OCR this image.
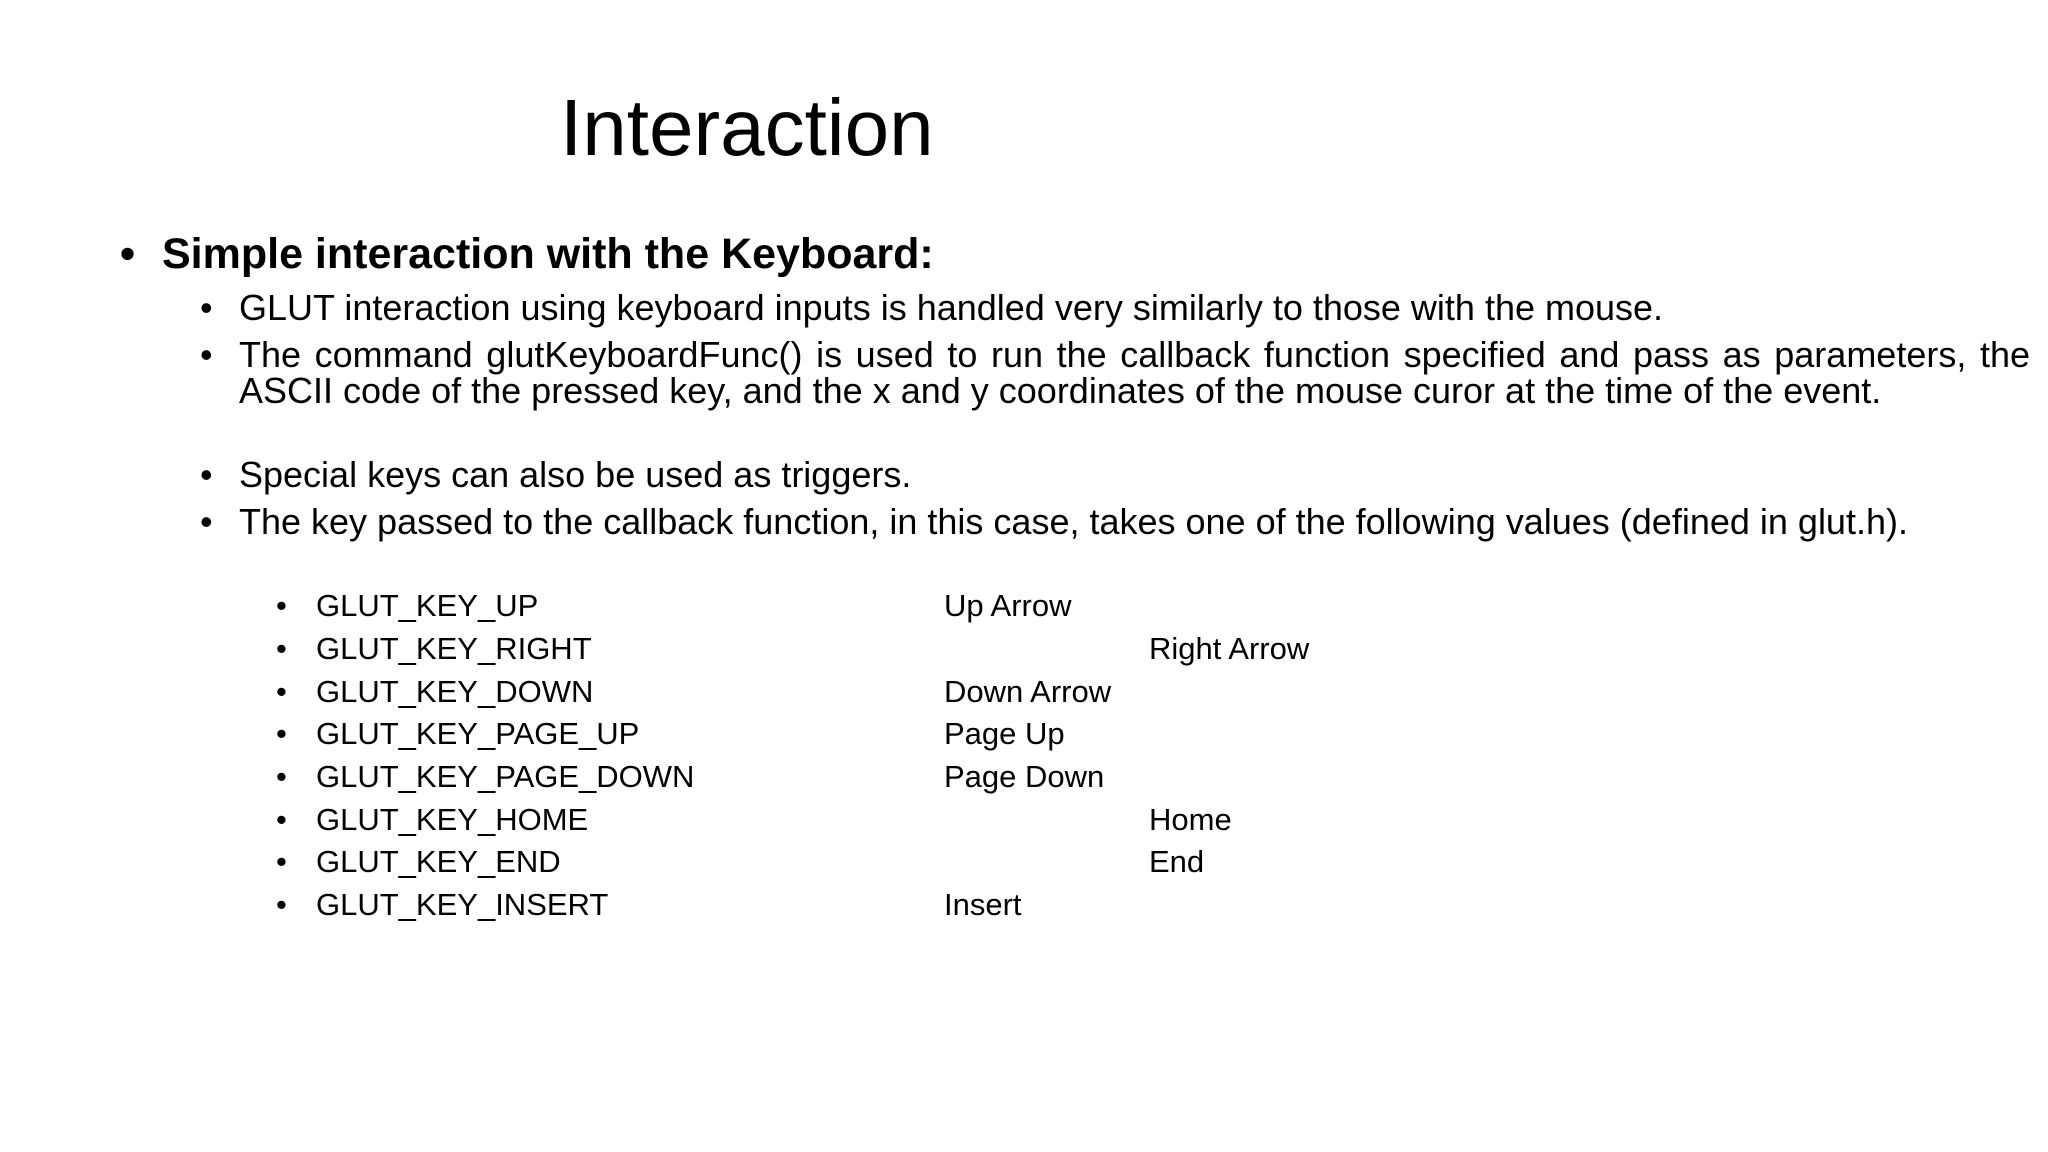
Interaction
• Simple interaction with the Keyboard:
• GLUT interaction using keyboard inputs is handled very similarly to those with the mouse.
• The command glutKeyboardFunc() is used to run the callback function specified and pass as parameters, the ASCII code of the pressed key, and the x and y coordinates of the mouse curor at the time of the event.
• Special keys can also be used as triggers.
• The key passed to the callback function, in this case, takes one of the following values (defined in glut.h).
• GLUT_KEY_UP	Up Arrow
• GLUT_KEY_RIGHT	Right Arrow
• GLUT_KEY_DOWN	Down Arrow
• GLUT_KEY_PAGE_UP	Page Up
• GLUT_KEY_PAGE_DOWN	Page Down
• GLUT_KEY_HOME	Home
• GLUT_KEY_END	End
• GLUT_KEY_INSERT	Insert
